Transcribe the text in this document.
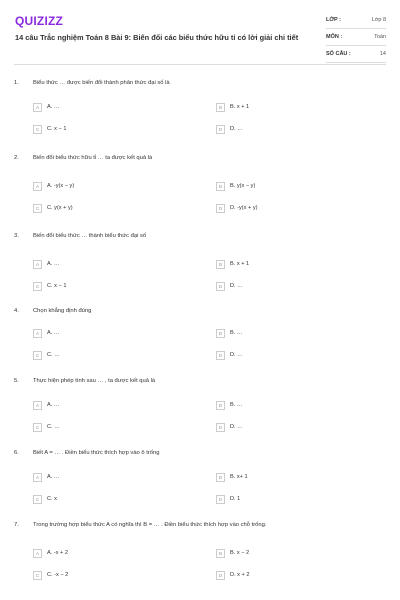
QUIZIZZ
14 câu Trắc nghiệm Toán 8 Bài 9: Biến đổi các biểu thức hữu tỉ có lời giải chi tiết
LỚP :	Lớp 8
MÔN :	Toán
SỐ CÂU :	14
1. Biểu thức … được biến đổi thành phân thức đại số là
A	A. …	B	B. x + 1
C	C. x − 1	D	D. …
2. Biến đổi biểu thức hữu tỉ … ta được kết quả là
A	A. -y(x − y)	B	B. y(x − y)
C	C. y(x + y)	D	D. -y(x + y)
3. Biến đổi biểu thức … thành biểu thức đại số
A	A. …	B	B. x + 1
C	C. x − 1	D	D. …
4. Chọn khẳng định đúng
A	A. …	B	B. …
C	C. …	D	D. …
5. Thực hiện phép tính sau … , ta được kết quả là
A	A. …	B	B. …
C	C. …	D	D. …
6. Biết A = … . Điền biểu thức thích hợp vào ô trống
A	A. …	B	B. x+ 1
C	C. x	D	D. 1
7. Trong trường hợp biểu thức A có nghĩa thì B = … . Điền biểu thức thích hợp vào chỗ trống.
A	A. -x + 2	B	B. x − 2
C	C. -x − 2	D	D. x + 2
